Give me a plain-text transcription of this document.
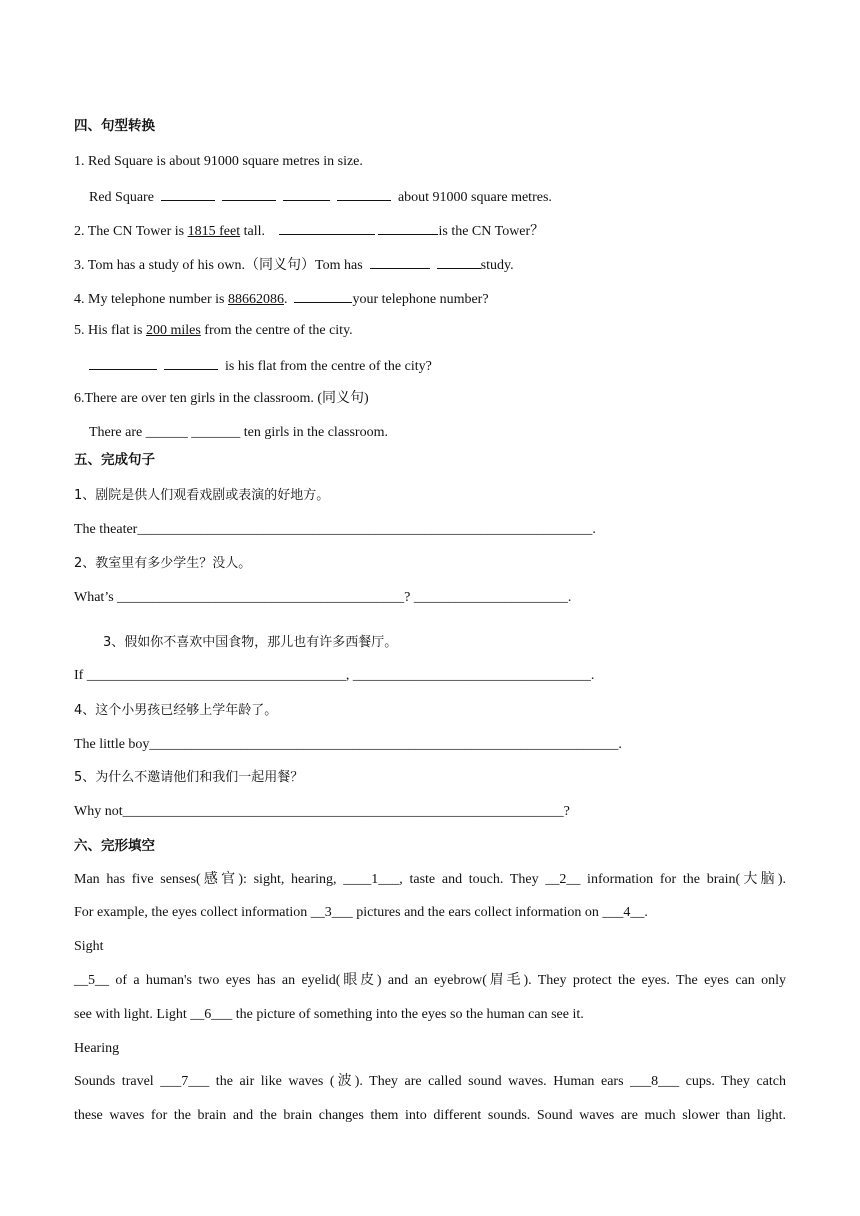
四、句型转换
1. Red Square is about 91000 square metres in size.
Red Square	about 91000 square metres.
2. The CN Tower is 1815 feet tall.	is the CN Tower？
3. Tom has a study of his own.（同义句）Tom has	study.
4. My telephone number is 88662086.	your telephone number?
5. His flat is 200 miles from the centre of the city.
is his flat from the centre of the city?
6.There are over ten girls in the classroom. (同义句)
There are ______ _______ ten girls in the classroom.
五、完成句子
1、剧院是供人们观看戏剧或表演的好地方。
The theater_________________________________________________________________.
2、教室里有多少学生？没人。
What’s _________________________________________? ______________________.
3、假如你不喜欢中国食物，那儿也有许多西餐厅。
If _____________________________________, __________________________________.
4、这个小男孩已经够上学年龄了。
The little boy___________________________________________________________________.
5、为什么不邀请他们和我们一起用餐？
Why not_______________________________________________________________?
六、完形填空
Man has five senses(感官): sight, hearing, ____1___, taste and touch. They __2__ information for the brain(大脑).
For example, the eyes collect information __3___ pictures and the ears collect information on ___4__.
Sight
__5__ of a human's two eyes has an eyelid(眼皮) and an eyebrow(眉毛). They protect the eyes. The eyes can only
see with light. Light __6___ the picture of something into the eyes so the human can see it.
Hearing
Sounds travel ___7___ the air like waves (波). They are called sound waves. Human ears ___8___ cups. They catch
these waves for the brain and the brain changes them into different sounds. Sound waves are much slower than light.
